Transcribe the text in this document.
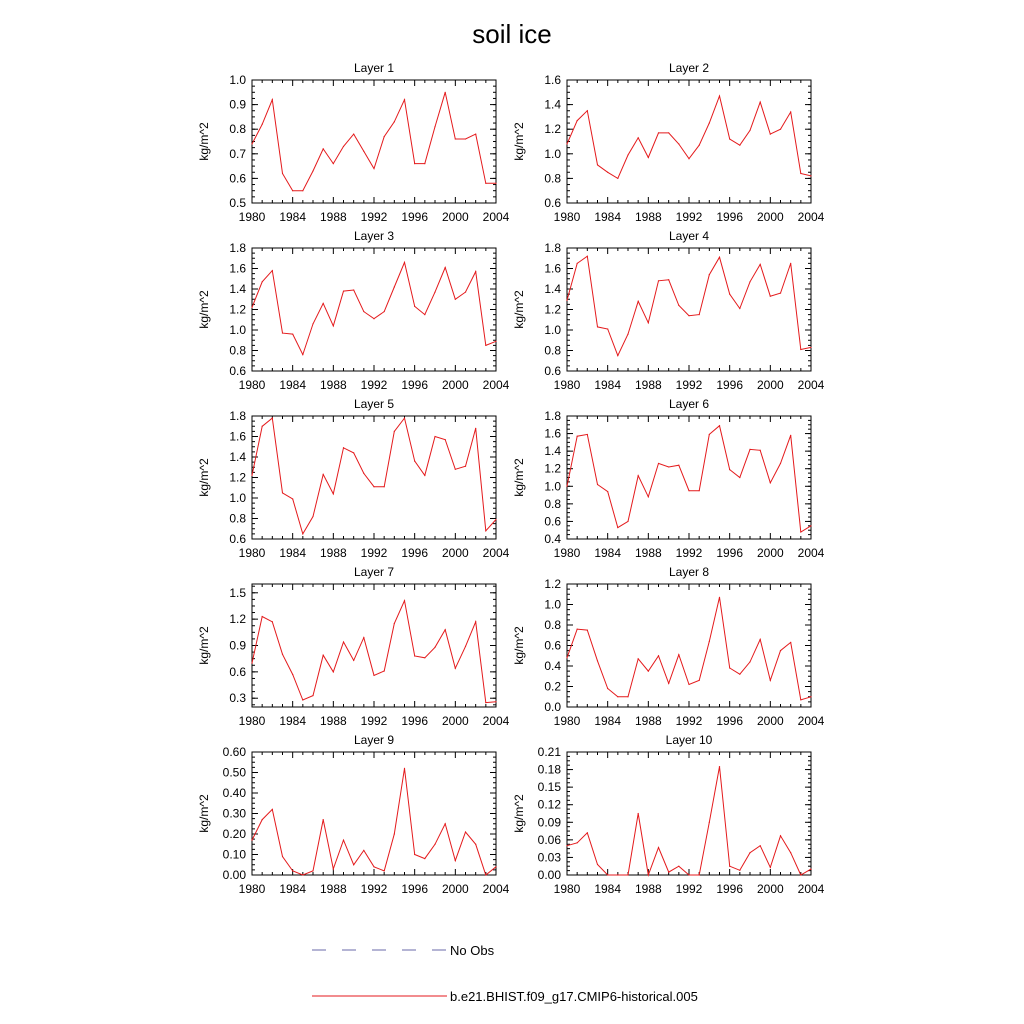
soil ice
Layer 1
1980 1984 1988 1992 1996 2000 2004
0.5
0.6
0.7
0.8
0.9
1.0
kg/m^2
Layer 2
1980 1984 1988 1992 1996 2000 2004
0.6
0.8
1.0
1.2
1.4
1.6
kg/m^2
Layer 3
1980 1984 1988 1992 1996 2000 2004
0.6
0.8
1.0
1.2
1.4
1.6
1.8
kg/m^2
Layer 4
1980 1984 1988 1992 1996 2000 2004
0.6
0.8
1.0
1.2
1.4
1.6
1.8
kg/m^2
Layer 5
1980 1984 1988 1992 1996 2000 2004
0.6
0.8
1.0
1.2
1.4
1.6
1.8
kg/m^2
Layer 6
1980 1984 1988 1992 1996 2000 2004
0.4
0.6
0.8
1.0
1.2
1.4
1.6
1.8
kg/m^2
Layer 7
1980 1984 1988 1992 1996 2000 2004
0.3
0.6
0.9
1.2
1.5
kg/m^2
Layer 8
1980 1984 1988 1992 1996 2000 2004
0.0
0.2
0.4
0.6
0.8
1.0
1.2
kg/m^2
Layer 9
1980 1984 1988 1992 1996 2000 2004
0.00
0.10
0.20
0.30
0.40
0.50
0.60
kg/m^2
Layer 10
1980 1984 1988 1992 1996 2000 2004
0.00
0.03
0.06
0.09
0.12
0.15
0.18
0.21
kg/m^2
No Obs
b.e21.BHIST.f09_g17.CMIP6-historical.005
